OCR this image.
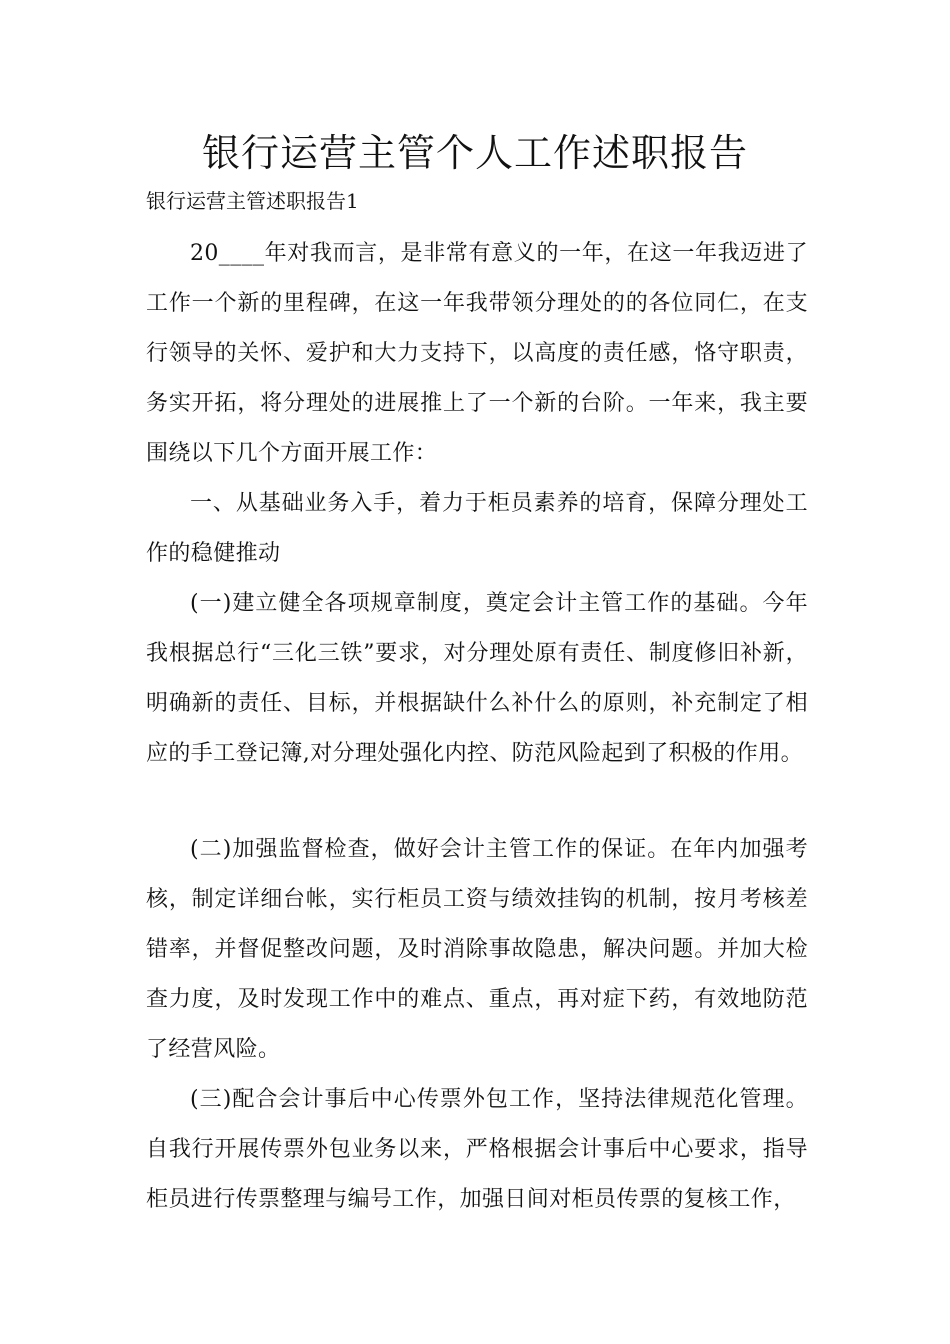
银行运营主管个人工作述职报告

银行运营主管述职报告1

20____年对我而言，是非常有意义的一年，在这一年我迈进了工作一个新的里程碑，在这一年我带领分理处的的各位同仁，在支行领导的关怀、爱护和大力支持下，以高度的责任感，恪守职责，务实开拓，将分理处的进展推上了一个新的台阶。一年来，我主要围绕以下几个方面开展工作：

一、从基础业务入手，着力于柜员素养的培育，保障分理处工作的稳健推动

(一)建立健全各项规章制度，奠定会计主管工作的基础。今年我根据总行“三化三铁”要求，对分理处原有责任、制度修旧补新，明确新的责任、目标，并根据缺什么补什么的原则，补充制定了相应的手工登记簿,对分理处强化内控、防范风险起到了积极的作用。

(二)加强监督检查，做好会计主管工作的保证。在年内加强考核，制定详细台帐，实行柜员工资与绩效挂钩的机制，按月考核差错率，并督促整改问题，及时消除事故隐患，解决问题。并加大检查力度，及时发现工作中的难点、重点，再对症下药，有效地防范了经营风险。

(三)配合会计事后中心传票外包工作，坚持法律规范化管理。自我行开展传票外包业务以来，严格根据会计事后中心要求，指导柜员进行传票整理与编号工作，加强日间对柜员传票的复核工作，
